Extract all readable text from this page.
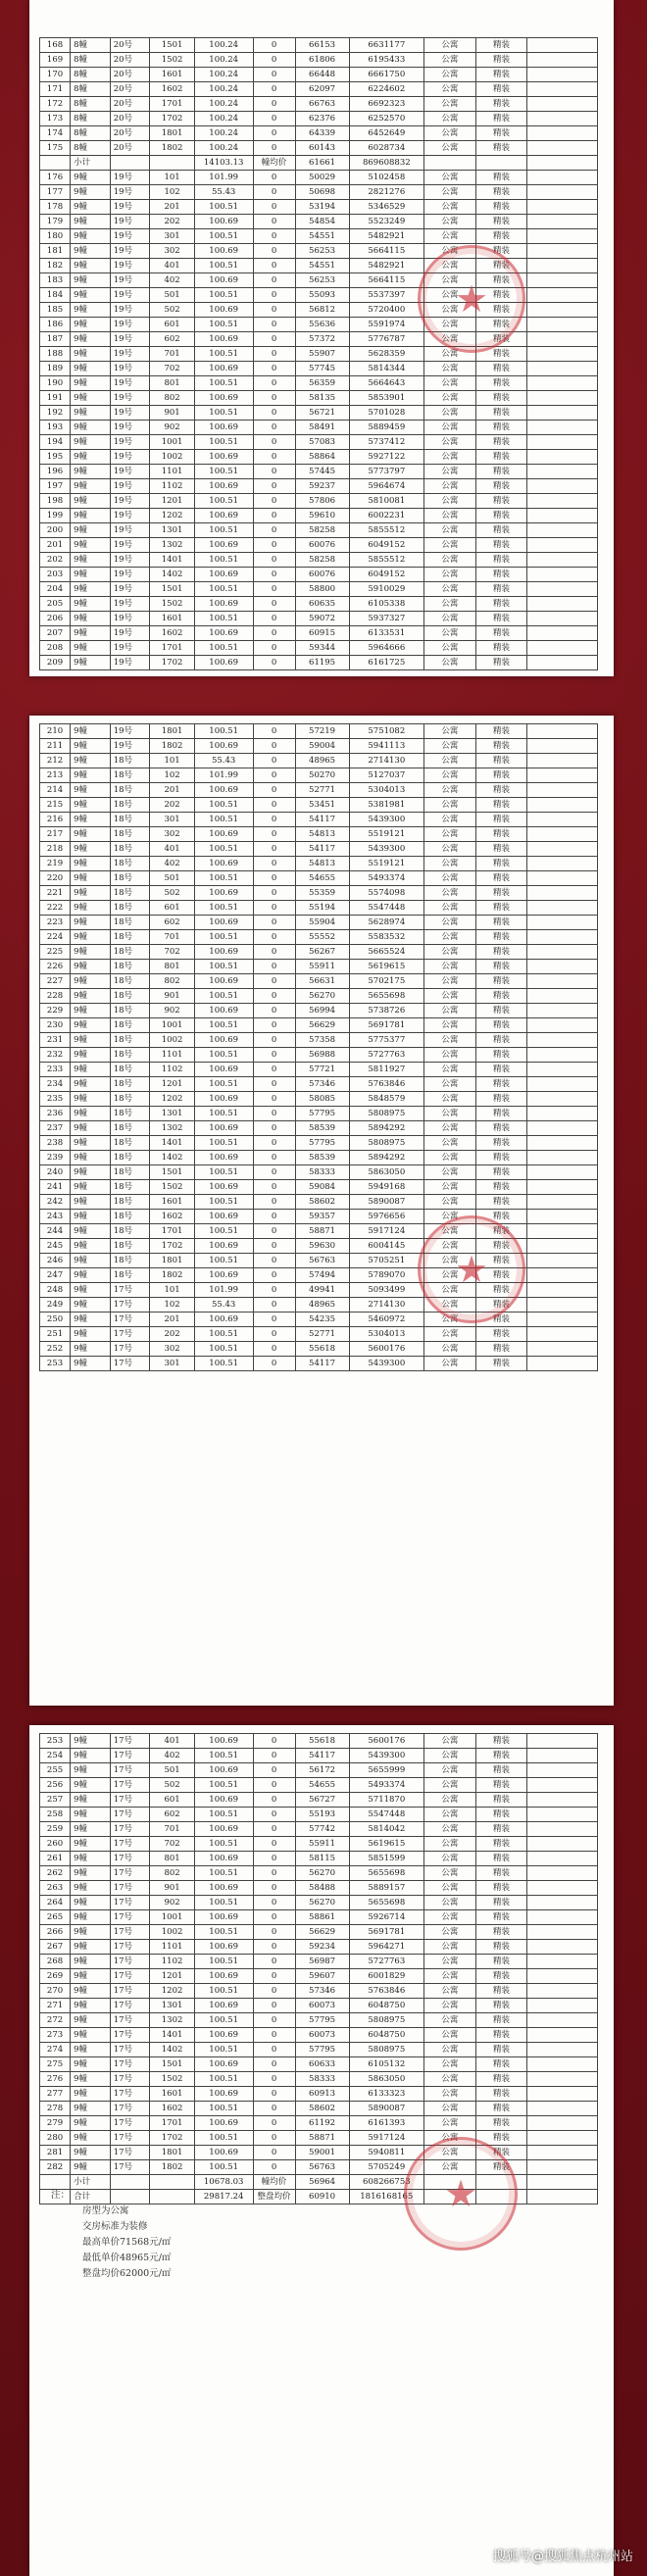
168	8幢	20号	1501	100.24	0	66153	6631177	公寓	精装	
169	8幢	20号	1502	100.24	0	61806	6195433	公寓	精装	
170	8幢	20号	1601	100.24	0	66448	6661750	公寓	精装	
171	8幢	20号	1602	100.24	0	62097	6224602	公寓	精装	
172	8幢	20号	1701	100.24	0	66763	6692323	公寓	精装	
173	8幢	20号	1702	100.24	0	62376	6252570	公寓	精装	
174	8幢	20号	1801	100.24	0	64339	6452649	公寓	精装	
175	8幢	20号	1802	100.24	0	60143	6028734	公寓	精装	
	小计			14103.13	幢均价	61661	869608832			
176	9幢	19号	101	101.99	0	50029	5102458	公寓	精装	
177	9幢	19号	102	55.43	0	50698	2821276	公寓	精装	
178	9幢	19号	201	100.51	0	53194	5346529	公寓	精装	
179	9幢	19号	202	100.69	0	54854	5523249	公寓	精装	
180	9幢	19号	301	100.51	0	54551	5482921	公寓	精装	
181	9幢	19号	302	100.69	0	56253	5664115	公寓	精装	
182	9幢	19号	401	100.51	0	54551	5482921	公寓	精装	
183	9幢	19号	402	100.69	0	56253	5664115	公寓	精装	
184	9幢	19号	501	100.51	0	55093	5537397	公寓	精装	
185	9幢	19号	502	100.69	0	56812	5720400	公寓	精装	
186	9幢	19号	601	100.51	0	55636	5591974	公寓	精装	
187	9幢	19号	602	100.69	0	57372	5776787	公寓	精装	
188	9幢	19号	701	100.51	0	55907	5628359	公寓	精装	
189	9幢	19号	702	100.69	0	57745	5814344	公寓	精装	
190	9幢	19号	801	100.51	0	56359	5664643	公寓	精装	
191	9幢	19号	802	100.69	0	58135	5853901	公寓	精装	
192	9幢	19号	901	100.51	0	56721	5701028	公寓	精装	
193	9幢	19号	902	100.69	0	58491	5889459	公寓	精装	
194	9幢	19号	1001	100.51	0	57083	5737412	公寓	精装	
195	9幢	19号	1002	100.69	0	58864	5927122	公寓	精装	
196	9幢	19号	1101	100.51	0	57445	5773797	公寓	精装	
197	9幢	19号	1102	100.69	0	59237	5964674	公寓	精装	
198	9幢	19号	1201	100.51	0	57806	5810081	公寓	精装	
199	9幢	19号	1202	100.69	0	59610	6002231	公寓	精装	
200	9幢	19号	1301	100.51	0	58258	5855512	公寓	精装	
201	9幢	19号	1302	100.69	0	60076	6049152	公寓	精装	
202	9幢	19号	1401	100.51	0	58258	5855512	公寓	精装	
203	9幢	19号	1402	100.69	0	60076	6049152	公寓	精装	
204	9幢	19号	1501	100.51	0	58800	5910029	公寓	精装	
205	9幢	19号	1502	100.69	0	60635	6105338	公寓	精装	
206	9幢	19号	1601	100.51	0	59072	5937327	公寓	精装	
207	9幢	19号	1602	100.69	0	60915	6133531	公寓	精装	
208	9幢	19号	1701	100.51	0	59344	5964666	公寓	精装	
209	9幢	19号	1702	100.69	0	61195	6161725	公寓	精装	
★
210	9幢	19号	1801	100.51	0	57219	5751082	公寓	精装	
211	9幢	19号	1802	100.69	0	59004	5941113	公寓	精装	
212	9幢	18号	101	55.43	0	48965	2714130	公寓	精装	
213	9幢	18号	102	101.99	0	50270	5127037	公寓	精装	
214	9幢	18号	201	100.69	0	52771	5304013	公寓	精装	
215	9幢	18号	202	100.51	0	53451	5381981	公寓	精装	
216	9幢	18号	301	100.51	0	54117	5439300	公寓	精装	
217	9幢	18号	302	100.69	0	54813	5519121	公寓	精装	
218	9幢	18号	401	100.51	0	54117	5439300	公寓	精装	
219	9幢	18号	402	100.69	0	54813	5519121	公寓	精装	
220	9幢	18号	501	100.51	0	54655	5493374	公寓	精装	
221	9幢	18号	502	100.69	0	55359	5574098	公寓	精装	
222	9幢	18号	601	100.51	0	55194	5547448	公寓	精装	
223	9幢	18号	602	100.69	0	55904	5628974	公寓	精装	
224	9幢	18号	701	100.51	0	55552	5583532	公寓	精装	
225	9幢	18号	702	100.69	0	56267	5665524	公寓	精装	
226	9幢	18号	801	100.51	0	55911	5619615	公寓	精装	
227	9幢	18号	802	100.69	0	56631	5702175	公寓	精装	
228	9幢	18号	901	100.51	0	56270	5655698	公寓	精装	
229	9幢	18号	902	100.69	0	56994	5738726	公寓	精装	
230	9幢	18号	1001	100.51	0	56629	5691781	公寓	精装	
231	9幢	18号	1002	100.69	0	57358	5775377	公寓	精装	
232	9幢	18号	1101	100.51	0	56988	5727763	公寓	精装	
233	9幢	18号	1102	100.69	0	57721	5811927	公寓	精装	
234	9幢	18号	1201	100.51	0	57346	5763846	公寓	精装	
235	9幢	18号	1202	100.69	0	58085	5848579	公寓	精装	
236	9幢	18号	1301	100.51	0	57795	5808975	公寓	精装	
237	9幢	18号	1302	100.69	0	58539	5894292	公寓	精装	
238	9幢	18号	1401	100.51	0	57795	5808975	公寓	精装	
239	9幢	18号	1402	100.69	0	58539	5894292	公寓	精装	
240	9幢	18号	1501	100.51	0	58333	5863050	公寓	精装	
241	9幢	18号	1502	100.69	0	59084	5949168	公寓	精装	
242	9幢	18号	1601	100.51	0	58602	5890087	公寓	精装	
243	9幢	18号	1602	100.69	0	59357	5976656	公寓	精装	
244	9幢	18号	1701	100.51	0	58871	5917124	公寓	精装	
245	9幢	18号	1702	100.69	0	59630	6004145	公寓	精装	
246	9幢	18号	1801	100.51	0	56763	5705251	公寓	精装	
247	9幢	18号	1802	100.69	0	57494	5789070	公寓	精装	
248	9幢	17号	101	101.99	0	49941	5093499	公寓	精装	
249	9幢	17号	102	55.43	0	48965	2714130	公寓	精装	
250	9幢	17号	201	100.69	0	54235	5460972	公寓	精装	
251	9幢	17号	202	100.51	0	52771	5304013	公寓	精装	
252	9幢	17号	302	100.51	0	55618	5600176	公寓	精装	
253	9幢	17号	301	100.51	0	54117	5439300	公寓	精装	
★
253	9幢	17号	401	100.69	0	55618	5600176	公寓	精装	
254	9幢	17号	402	100.51	0	54117	5439300	公寓	精装	
255	9幢	17号	501	100.69	0	56172	5655999	公寓	精装	
256	9幢	17号	502	100.51	0	54655	5493374	公寓	精装	
257	9幢	17号	601	100.69	0	56727	5711870	公寓	精装	
258	9幢	17号	602	100.51	0	55193	5547448	公寓	精装	
259	9幢	17号	701	100.69	0	57742	5814042	公寓	精装	
260	9幢	17号	702	100.51	0	55911	5619615	公寓	精装	
261	9幢	17号	801	100.69	0	58115	5851599	公寓	精装	
262	9幢	17号	802	100.51	0	56270	5655698	公寓	精装	
263	9幢	17号	901	100.69	0	58488	5889157	公寓	精装	
264	9幢	17号	902	100.51	0	56270	5655698	公寓	精装	
265	9幢	17号	1001	100.69	0	58861	5926714	公寓	精装	
266	9幢	17号	1002	100.51	0	56629	5691781	公寓	精装	
267	9幢	17号	1101	100.69	0	59234	5964271	公寓	精装	
268	9幢	17号	1102	100.51	0	56987	5727763	公寓	精装	
269	9幢	17号	1201	100.69	0	59607	6001829	公寓	精装	
270	9幢	17号	1202	100.51	0	57346	5763846	公寓	精装	
271	9幢	17号	1301	100.69	0	60073	6048750	公寓	精装	
272	9幢	17号	1302	100.51	0	57795	5808975	公寓	精装	
273	9幢	17号	1401	100.69	0	60073	6048750	公寓	精装	
274	9幢	17号	1402	100.51	0	57795	5808975	公寓	精装	
275	9幢	17号	1501	100.69	0	60633	6105132	公寓	精装	
276	9幢	17号	1502	100.51	0	58333	5863050	公寓	精装	
277	9幢	17号	1601	100.69	0	60913	6133323	公寓	精装	
278	9幢	17号	1602	100.51	0	58602	5890087	公寓	精装	
279	9幢	17号	1701	100.69	0	61192	6161393	公寓	精装	
280	9幢	17号	1702	100.51	0	58871	5917124	公寓	精装	
281	9幢	17号	1801	100.69	0	59001	5940811	公寓	精装	
282	9幢	17号	1802	100.51	0	56763	5705249	公寓	精装	
	小计			10678.03	幢均价	56964	608266753			
	合计			29817.24	整盘均价	60910	1816168165			★
注：
房型为公寓
交房标准为装修
最高单价71568元/㎡
最低单价48965元/㎡
整盘均价62000元/㎡
搜狐号@搜狐焦点杭州站
